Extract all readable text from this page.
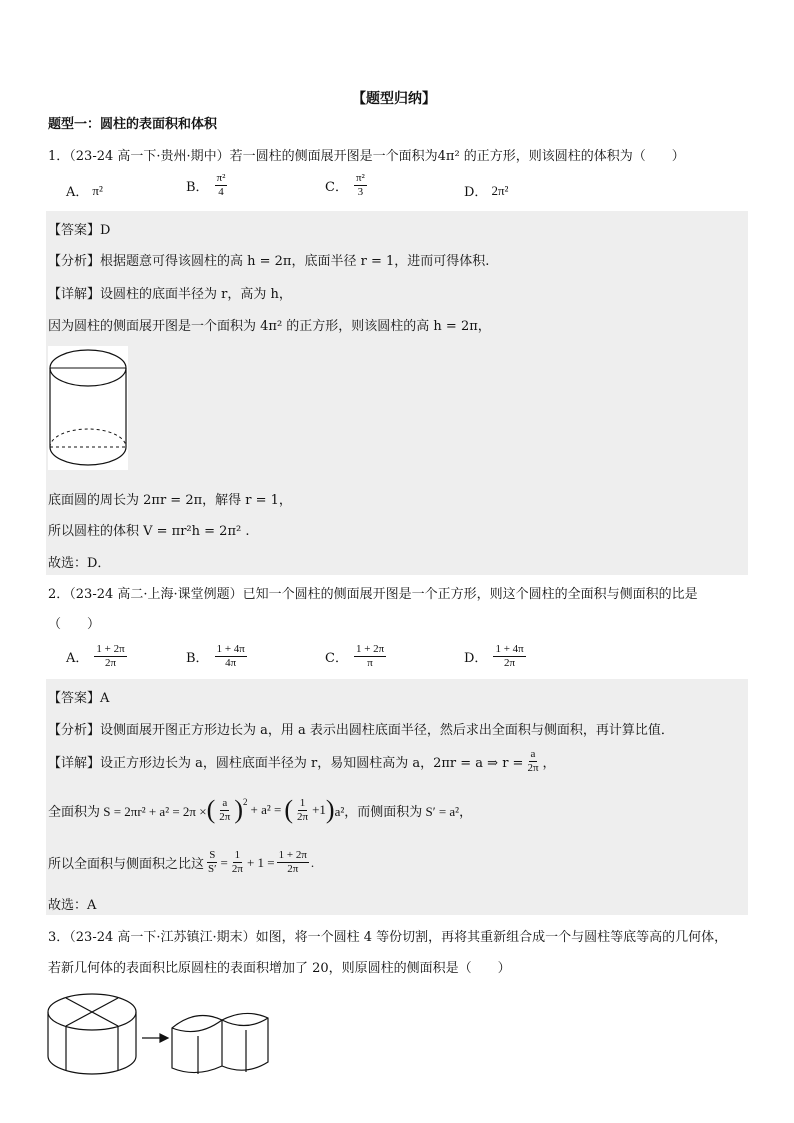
【题型归纳】
题型一：圆柱的表面积和体积
1．（23-24 高一下·贵州·期中）若一圆柱的侧面展开图是一个面积为4π² 的正方形，则该圆柱的体积为（　　）
A． π²	B． $\frac{\text{π²}}{4}$	C． $\frac{\text{π²}}{3}$	D． 2π²
【答案】D
【分析】根据题意可得该圆柱的高 h = 2π，底面半径 r = 1，进而可得体积.
【详解】设圆柱的底面半径为 r，高为 h，
因为圆柱的侧面展开图是一个面积为 4π² 的正方形，则该圆柱的高 h = 2π，
底面圆的周长为 2πr = 2π，解得 r = 1，
所以圆柱的体积 V = πr²h = 2π² .
故选：D．
2．（23-24 高二·上海·课堂例题）已知一个圆柱的侧面展开图是一个正方形，则这个圆柱的全面积与侧面积的比是
（　　）
A． $\frac{1 + 2\pi}{2\pi}$	B． $\frac{1 + 4\pi}{4\pi}$	C． $\frac{1 + 2\pi}{\pi}$	D． $\frac{1 + 4\pi}{2\pi}$
【答案】A
【分析】设侧面展开图正方形边长为 a，用 a 表示出圆柱底面半径，然后求出全面积与侧面积，再计算比值．
【详解】设正方形边长为 a，圆柱底面半径为 r，易知圆柱高为 a，2πr = a ⇒ $r = \frac{a}{2\pi}$ ，
全面积为 S = 2πr² + a² = 2π × ( $\frac{a}{2\pi} )^2 + a^2$ = ( $\frac{1}{2\pi} +1$ ) a²，而侧面积为 S′ = a²，
所以全面积与侧面积之比这 $\frac{S}{S'} = \frac{1}{2\pi} + 1 = \frac{1 + 2\pi}{2\pi}$ .
故选：A
3．（23-24 高一下·江苏镇江·期末）如图，将一个圆柱 4 等份切割，再将其重新组合成一个与圆柱等底等高的几何体，
若新几何体的表面积比原圆柱的表面积增加了 20，则原圆柱的侧面积是（　　）
